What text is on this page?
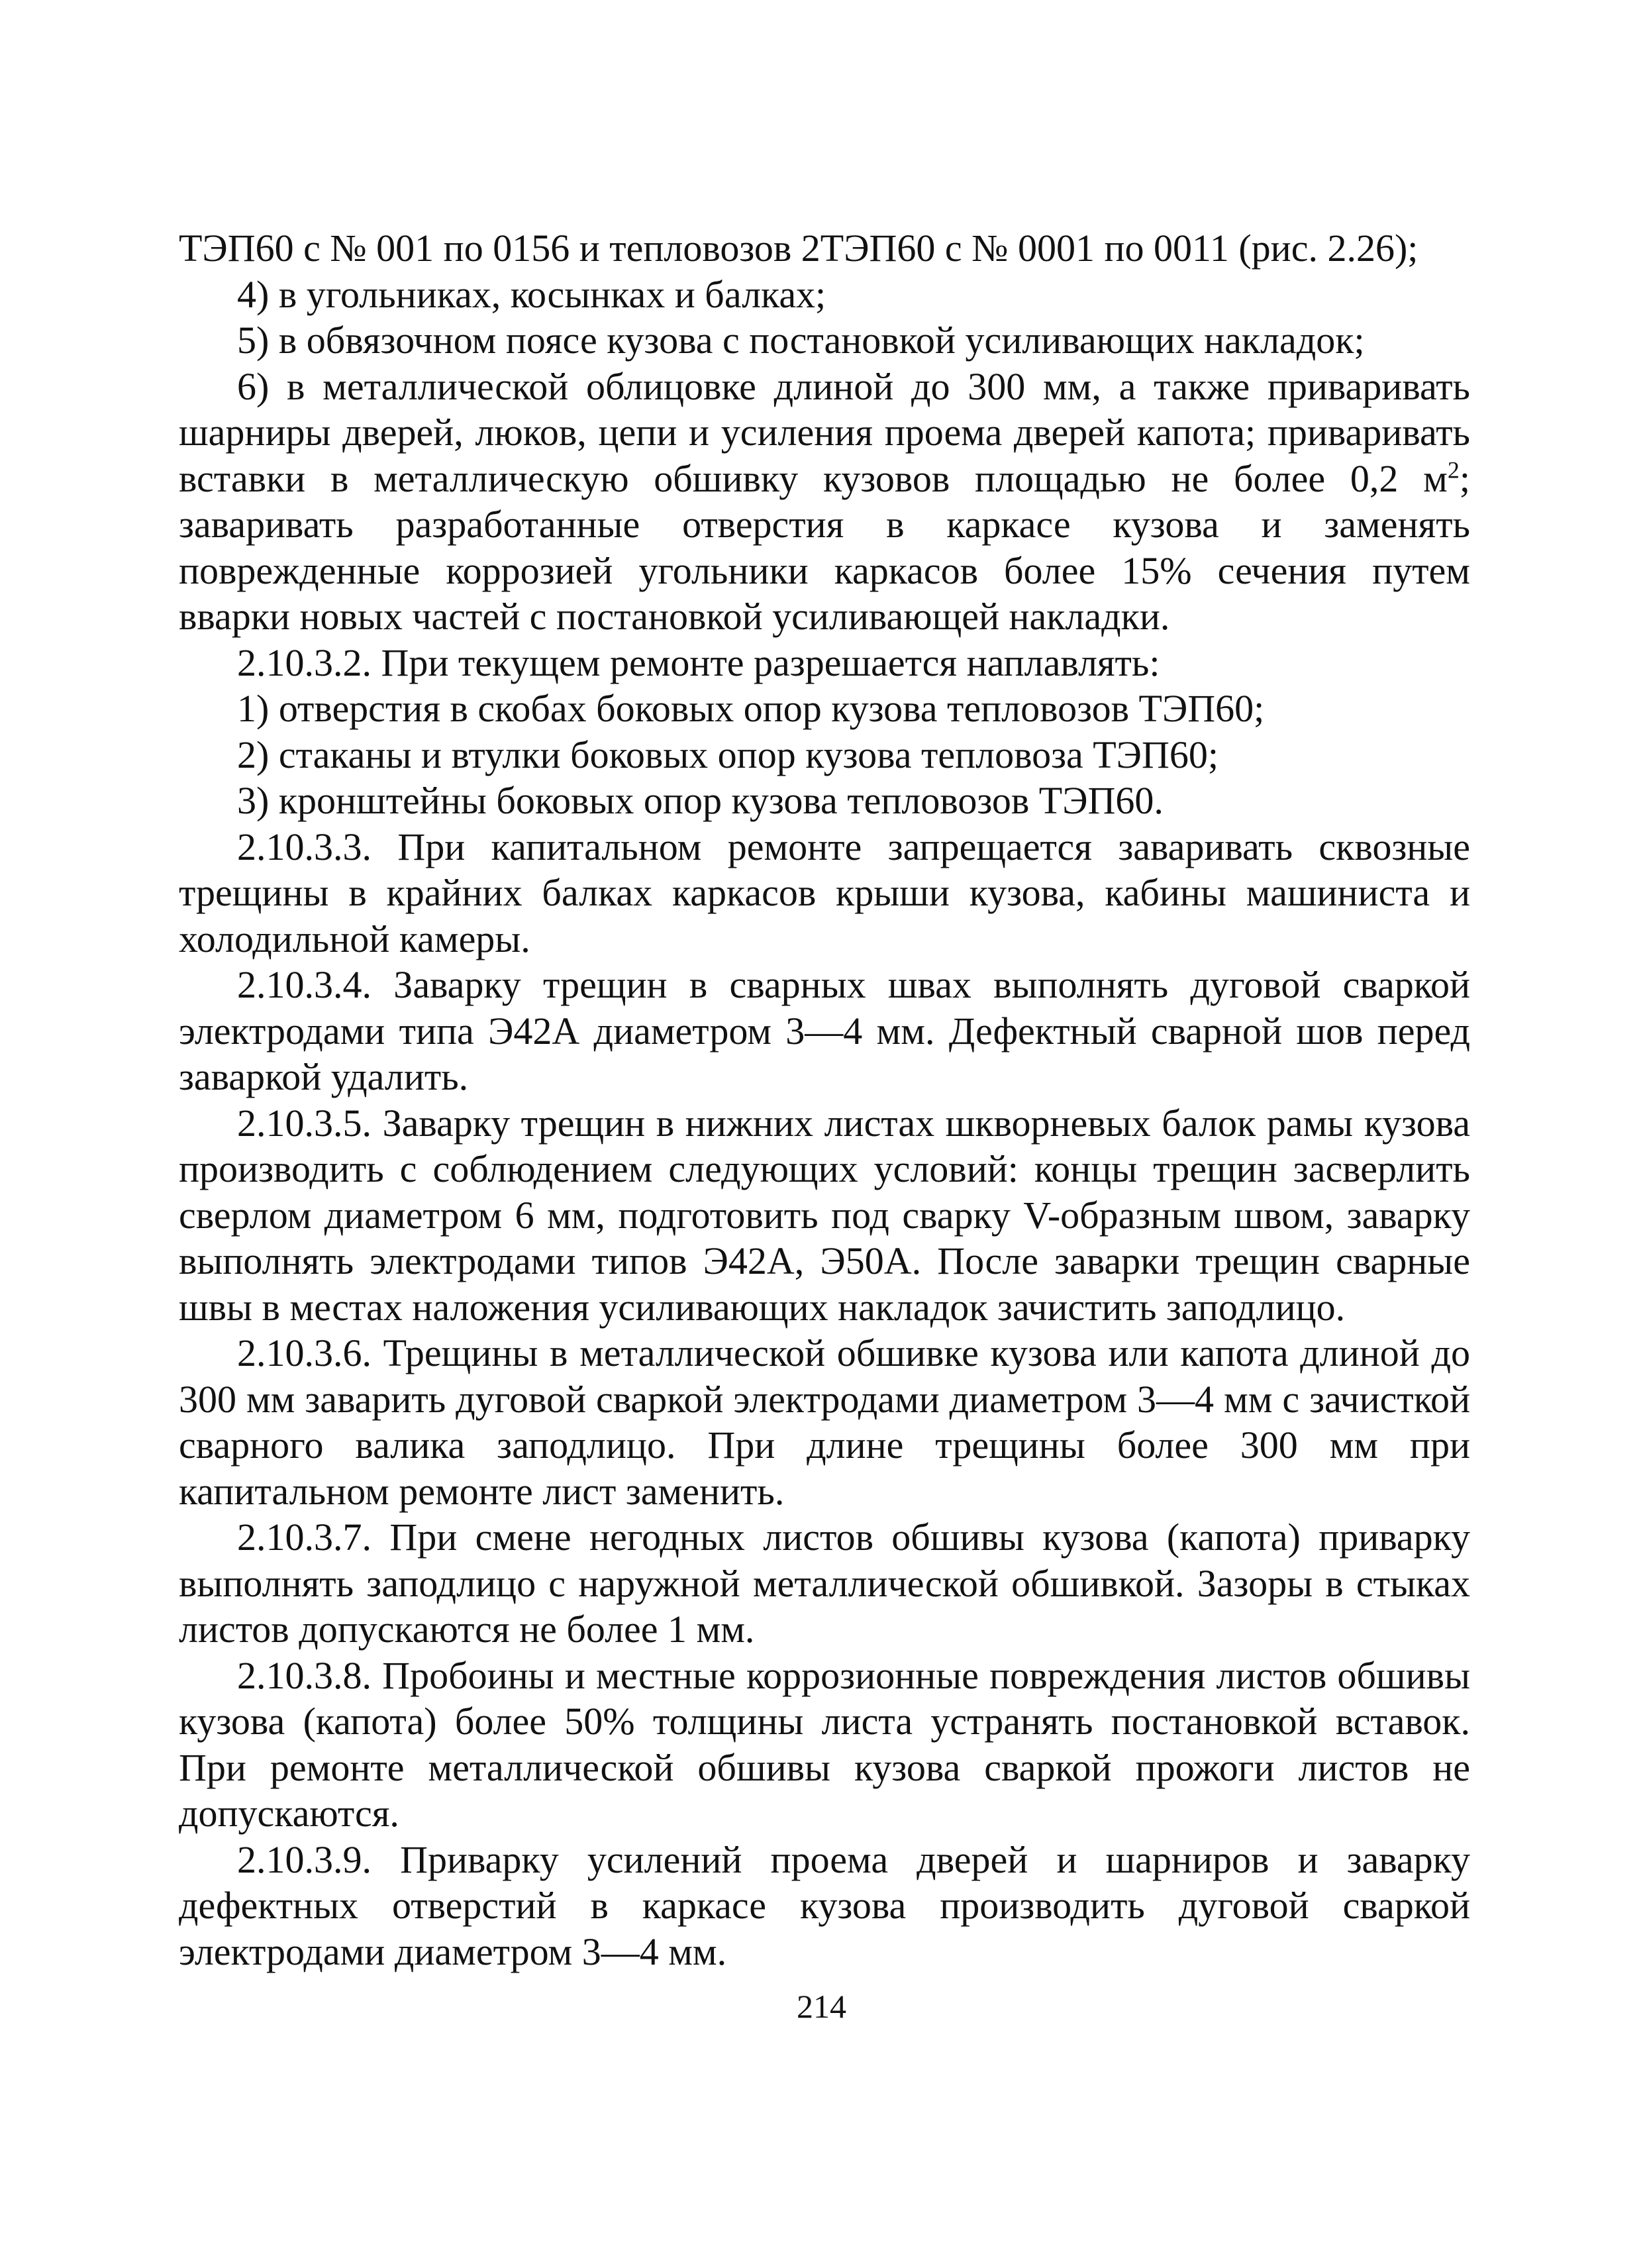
ТЭП60 с № 001 по 0156 и тепловозов 2ТЭП60 с № 0001 по 0011 (рис. 2.26);

4) в угольниках, косынках и балках;

5) в обвязочном поясе кузова с постановкой усиливающих накладок;

6) в металлической облицовке длиной до 300 мм, а также приваривать шарниры дверей, люков, цепи и усиления проема дверей капота; приваривать вставки в металлическую обшивку кузовов площадью не более 0,2 $м^2$; заваривать разработанные отверстия в каркасе кузова и заменять поврежденные коррозией угольники каркасов более 15% сечения путем вварки новых частей с постановкой усиливающей накладки.

2.10.3.2. При текущем ремонте разрешается наплавлять:

1) отверстия в скобах боковых опор кузова тепловозов ТЭП60;

2) стаканы и втулки боковых опор кузова тепловоза ТЭП60;

3) кронштейны боковых опор кузова тепловозов ТЭП60.

2.10.3.3. При капитальном ремонте запрещается заваривать сквозные трещины в крайних балках каркасов крыши кузова, кабины машиниста и холодильной камеры.

2.10.3.4. Заварку трещин в сварных швах выполнять дуговой сваркой электродами типа Э42А диаметром 3—4 мм. Дефектный сварной шов перед заваркой удалить.

2.10.3.5. Заварку трещин в нижних листах шкворневых балок рамы кузова производить с соблюдением следующих условий: концы трещин засверлить сверлом диаметром 6 мм, подготовить под сварку V-образным швом, заварку выполнять электродами типов Э42А, Э50А. После заварки трещин сварные швы в местах наложения усиливающих накладок зачистить заподлицо.

2.10.3.6. Трещины в металлической обшивке кузова или капота длиной до 300 мм заварить дуговой сваркой электродами диаметром 3—4 мм с зачисткой сварного валика заподлицо. При длине трещины более 300 мм при капитальном ремонте лист заменить.

2.10.3.7. При смене негодных листов обшивы кузова (капота) приварку выполнять заподлицо с наружной металлической обшивкой. Зазоры в стыках листов допускаются не более 1 мм.

2.10.3.8. Пробоины и местные коррозионные повреждения листов обшивы кузова (капота) более 50% толщины листа устранять постановкой вставок. При ремонте металлической обшивы кузова сваркой прожоги листов не допускаются.

2.10.3.9. Приварку усилений проема дверей и шарниров и заварку дефектных отверстий в каркасе кузова производить дуговой сваркой электродами диаметром 3—4 мм.

214
